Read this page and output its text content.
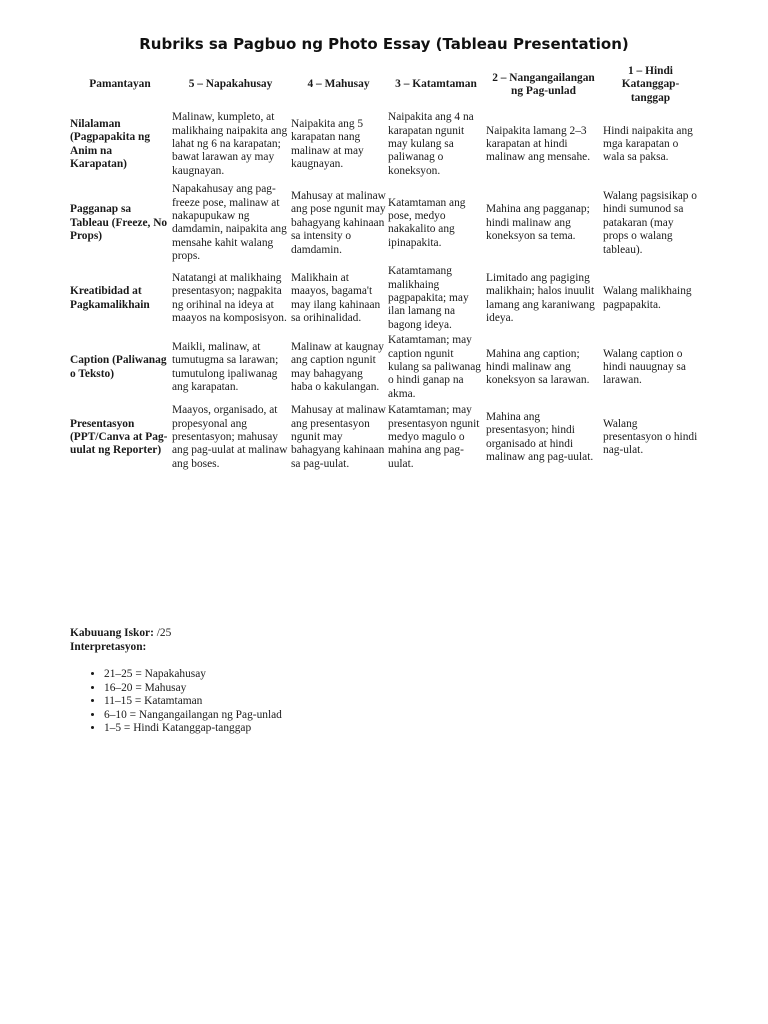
Rubriks sa Pagbuo ng Photo Essay (Tableau Presentation)
Pamantayan	5 – Napakahusay	4 – Mahusay	3 – Katamtaman	2 – Nangangailangan ng Pag-unlad	1 – Hindi Katanggap-tanggap
Nilalaman (Pagpapakita ng Anim na Karapatan)	Malinaw, kumpleto, at malikhaing naipakita ang lahat ng 6 na karapatan; bawat larawan ay may kaugnayan.	Naipakita ang 5 karapatan nang malinaw at may kaugnayan.	Naipakita ang 4 na karapatan ngunit may kulang sa paliwanag o koneksyon.	Naipakita lamang 2–3 karapatan at hindi malinaw ang mensahe.	Hindi naipakita ang mga karapatan o wala sa paksa.
Pagganap sa Tableau (Freeze, No Props)	Napakahusay ang pag-freeze pose, malinaw at nakapupukaw ng damdamin, naipakita ang mensahe kahit walang props.	Mahusay at malinaw ang pose ngunit may bahagyang kahinaan sa intensity o damdamin.	Katamtaman ang pose, medyo nakakalito ang ipinapakita.	Mahina ang pagganap; hindi malinaw ang koneksyon sa tema.	Walang pagsisikap o hindi sumunod sa patakaran (may props o walang tableau).
Kreatibidad at Pagkamalikhain	Natatangi at malikhaing presentasyon; nagpakita ng orihinal na ideya at maayos na komposisyon.	Malikhain at maayos, bagama't may ilang kahinaan sa orihinalidad.	Katamtamang malikhaing pagpapakita; may ilan lamang na bagong ideya.	Limitado ang pagiging malikhain; halos inuulit lamang ang karaniwang ideya.	Walang malikhaing pagpapakita.
Caption (Paliwanag o Teksto)	Maikli, malinaw, at tumutugma sa larawan; tumutulong ipaliwanag ang karapatan.	Malinaw at kaugnay ang caption ngunit may bahagyang haba o kakulangan.	Katamtaman; may caption ngunit kulang sa paliwanag o hindi ganap na akma.	Mahina ang caption; hindi malinaw ang koneksyon sa larawan.	Walang caption o hindi nauugnay sa larawan.
Presentasyon (PPT/Canva at Pag-uulat ng Reporter)	Maayos, organisado, at propesyonal ang presentasyon; mahusay ang pag-uulat at malinaw ang boses.	Mahusay at malinaw ang presentasyon ngunit may bahagyang kahinaan sa pag-uulat.	Katamtaman; may presentasyon ngunit medyo magulo o mahina ang pag-uulat.	Mahina ang presentasyon; hindi organisado at hindi malinaw ang pag-uulat.	Walang presentasyon o hindi nag-ulat.
Kabuuang Iskor: /25
Interpretasyon:
• 21–25 = Napakahusay
• 16–20 = Mahusay
• 11–15 = Katamtaman
• 6–10 = Nangangailangan ng Pag-unlad
• 1–5 = Hindi Katanggap-tanggap
